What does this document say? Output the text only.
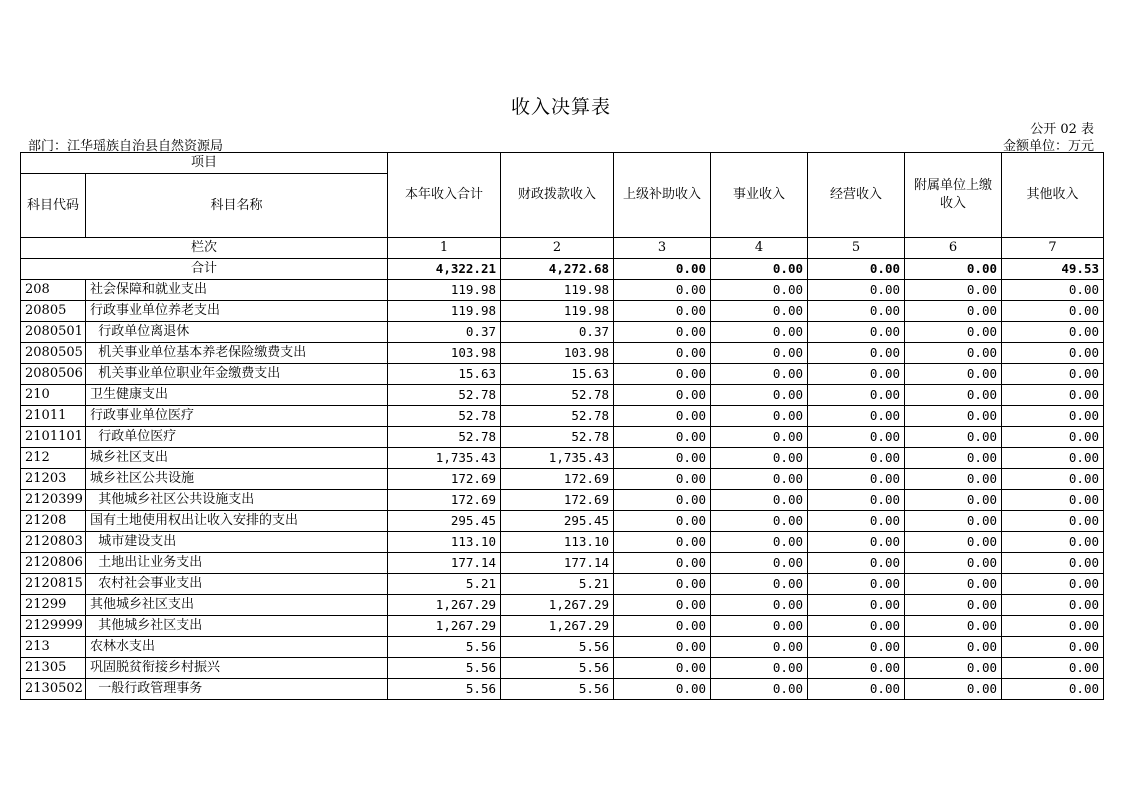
收入决算表
公开 02 表
部门：江华瑶族自治县自然资源局	金额单位：万元
项目		本年收入合计	财政拨款收入	上级补助收入	事业收入	经营收入	附属单位上缴收入	其他收入
科目代码	科目名称							
栏次		1	2	3	4	5	6	7
合计		4,322.21	4,272.68	0.00	0.00	0.00	0.00	49.53
208	社会保障和就业支出	119.98	119.98	0.00	0.00	0.00	0.00	0.00
20805	行政事业单位养老支出	119.98	119.98	0.00	0.00	0.00	0.00	0.00
2080501	行政单位离退休	0.37	0.37	0.00	0.00	0.00	0.00	0.00
2080505	机关事业单位基本养老保险缴费支出	103.98	103.98	0.00	0.00	0.00	0.00	0.00
2080506	机关事业单位职业年金缴费支出	15.63	15.63	0.00	0.00	0.00	0.00	0.00
210	卫生健康支出	52.78	52.78	0.00	0.00	0.00	0.00	0.00
21011	行政事业单位医疗	52.78	52.78	0.00	0.00	0.00	0.00	0.00
2101101	行政单位医疗	52.78	52.78	0.00	0.00	0.00	0.00	0.00
212	城乡社区支出	1,735.43	1,735.43	0.00	0.00	0.00	0.00	0.00
21203	城乡社区公共设施	172.69	172.69	0.00	0.00	0.00	0.00	0.00
2120399	其他城乡社区公共设施支出	172.69	172.69	0.00	0.00	0.00	0.00	0.00
21208	国有土地使用权出让收入安排的支出	295.45	295.45	0.00	0.00	0.00	0.00	0.00
2120803	城市建设支出	113.10	113.10	0.00	0.00	0.00	0.00	0.00
2120806	土地出让业务支出	177.14	177.14	0.00	0.00	0.00	0.00	0.00
2120815	农村社会事业支出	5.21	5.21	0.00	0.00	0.00	0.00	0.00
21299	其他城乡社区支出	1,267.29	1,267.29	0.00	0.00	0.00	0.00	0.00
2129999	其他城乡社区支出	1,267.29	1,267.29	0.00	0.00	0.00	0.00	0.00
213	农林水支出	5.56	5.56	0.00	0.00	0.00	0.00	0.00
21305	巩固脱贫衔接乡村振兴	5.56	5.56	0.00	0.00	0.00	0.00	0.00
2130502	一般行政管理事务	5.56	5.56	0.00	0.00	0.00	0.00	0.00
